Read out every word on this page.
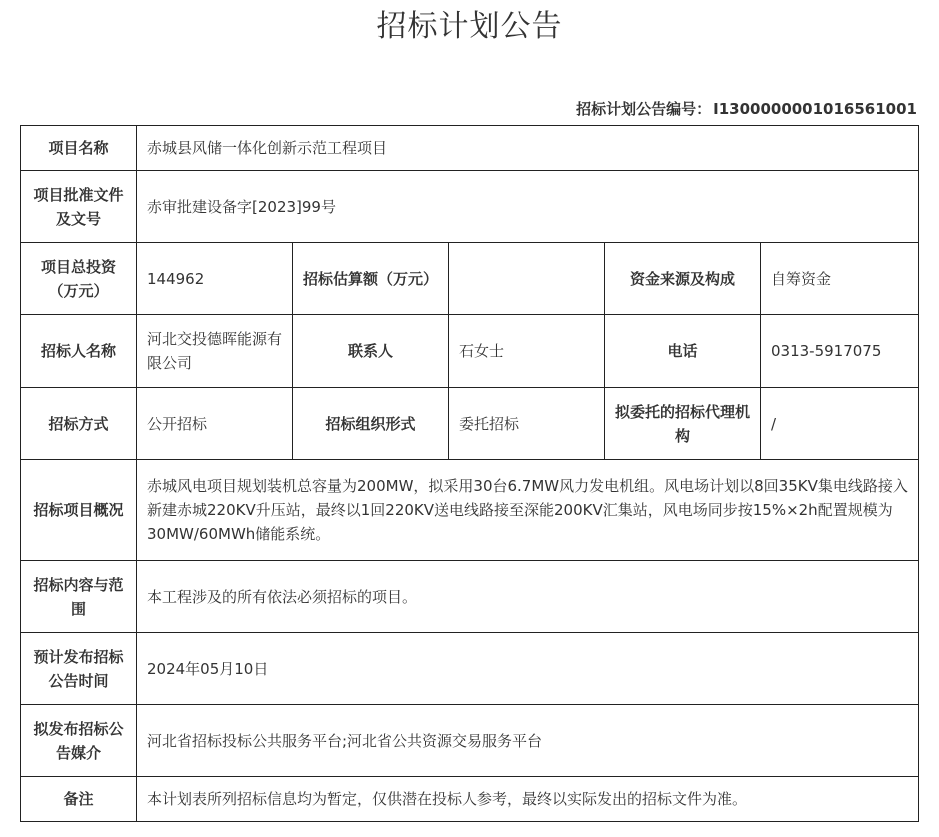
招标计划公告
招标计划公告编号： I1300000001016561001
项目名称	赤城县风储一体化创新示范工程项目				
项目批准文件及文号	赤审批建设备字[2023]99号				
项目总投资（万元）	144962	招标估算额（万元）		资金来源及构成	自筹资金
招标人名称	河北交投德晖能源有限公司	联系人	石女士	电话	0313-5917075
招标方式	公开招标	招标组织形式	委托招标	拟委托的招标代理机构	/
招标项目概况	赤城风电项目规划装机总容量为200MW，拟采用30台6.7MW风力发电机组。风电场计划以8回35KV集电线路接入新建赤城220KV升压站，最终以1回220KV送电线路接至深能200KV汇集站，风电场同步按15%×2h配置规模为30MW/60MWh储能系统。				
招标内容与范围	本工程涉及的所有依法必须招标的项目。				
预计发布招标公告时间	2024年05月10日				
拟发布招标公告媒介	河北省招标投标公共服务平台;河北省公共资源交易服务平台				
备注	本计划表所列招标信息均为暂定，仅供潜在投标人参考，最终以实际发出的招标文件为准。				
